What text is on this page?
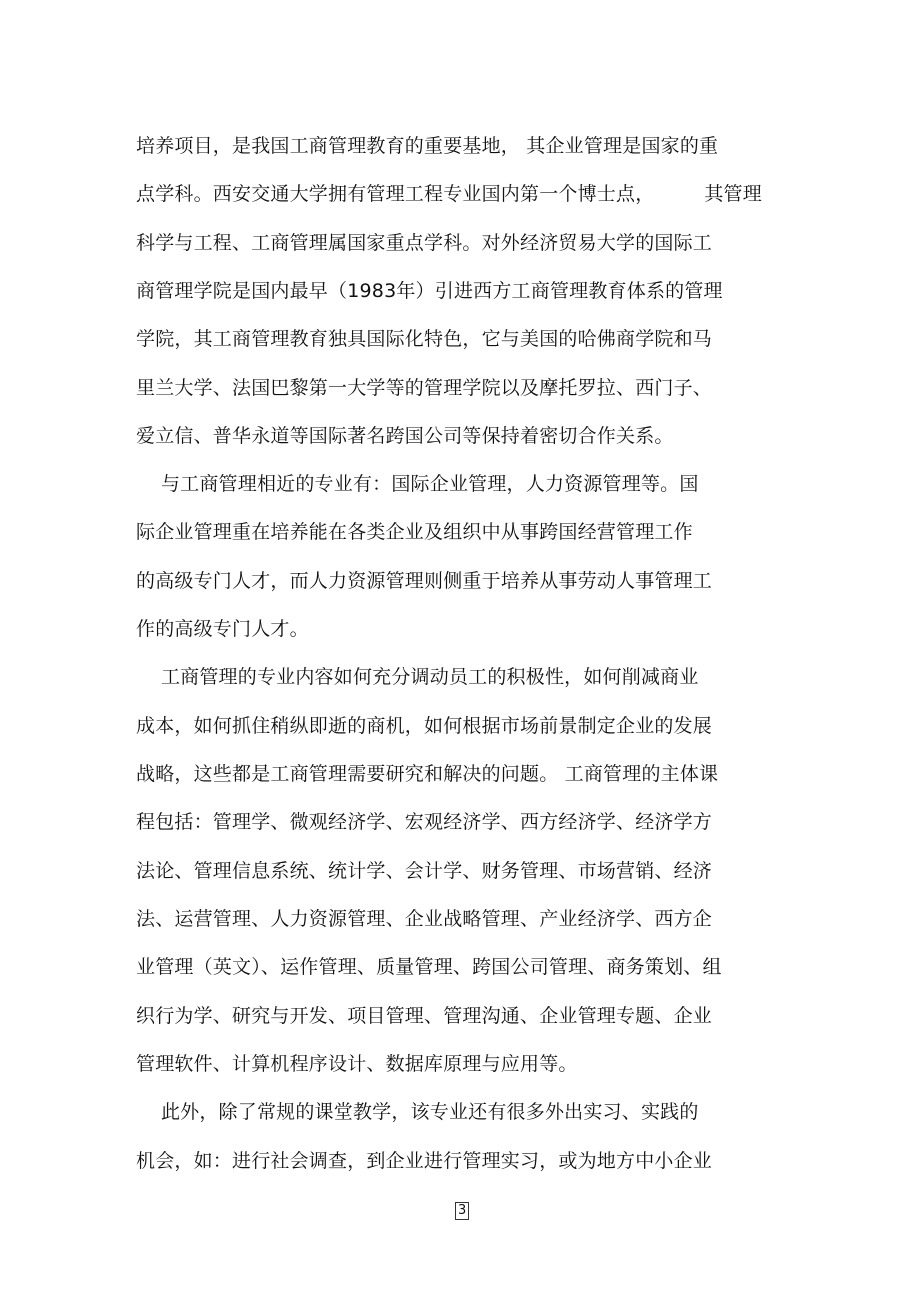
培养项目，是我国工商管理教育的重要基地， 其企业管理是国家的重
点学科。西安交通大学拥有管理工程专业国内第一个博士点，        其管理
科学与工程、工商管理属国家重点学科。对外经济贸易大学的国际工
商管理学院是国内最早（1983年）引进西方工商管理教育体系的管理
学院，其工商管理教育独具国际化特色，它与美国的哈佛商学院和马
里兰大学、法国巴黎第一大学等的管理学院以及摩托罗拉、西门子、
爱立信、普华永道等国际著名跨国公司等保持着密切合作关系。
与工商管理相近的专业有：国际企业管理，人力资源管理等。国
际企业管理重在培养能在各类企业及组织中从事跨国经营管理工作
的高级专门人才，而人力资源管理则侧重于培养从事劳动人事管理工
作的高级专门人才。
工商管理的专业内容如何充分调动员工的积极性，如何削减商业
成本，如何抓住稍纵即逝的商机，如何根据市场前景制定企业的发展
战略，这些都是工商管理需要研究和解决的问题。 工商管理的主体课
程包括：管理学、微观经济学、宏观经济学、西方经济学、经济学方
法论、管理信息系统、统计学、会计学、财务管理、市场营销、经济
法、运营管理、人力资源管理、企业战略管理、产业经济学、西方企
业管理（英文）、运作管理、质量管理、跨国公司管理、商务策划、组
织行为学、研究与开发、项目管理、管理沟通、企业管理专题、企业
管理软件、计算机程序设计、数据库原理与应用等。
此外，除了常规的课堂教学，该专业还有很多外出实习、实践的
机会，如：进行社会调查，到企业进行管理实习，或为地方中小企业
3
